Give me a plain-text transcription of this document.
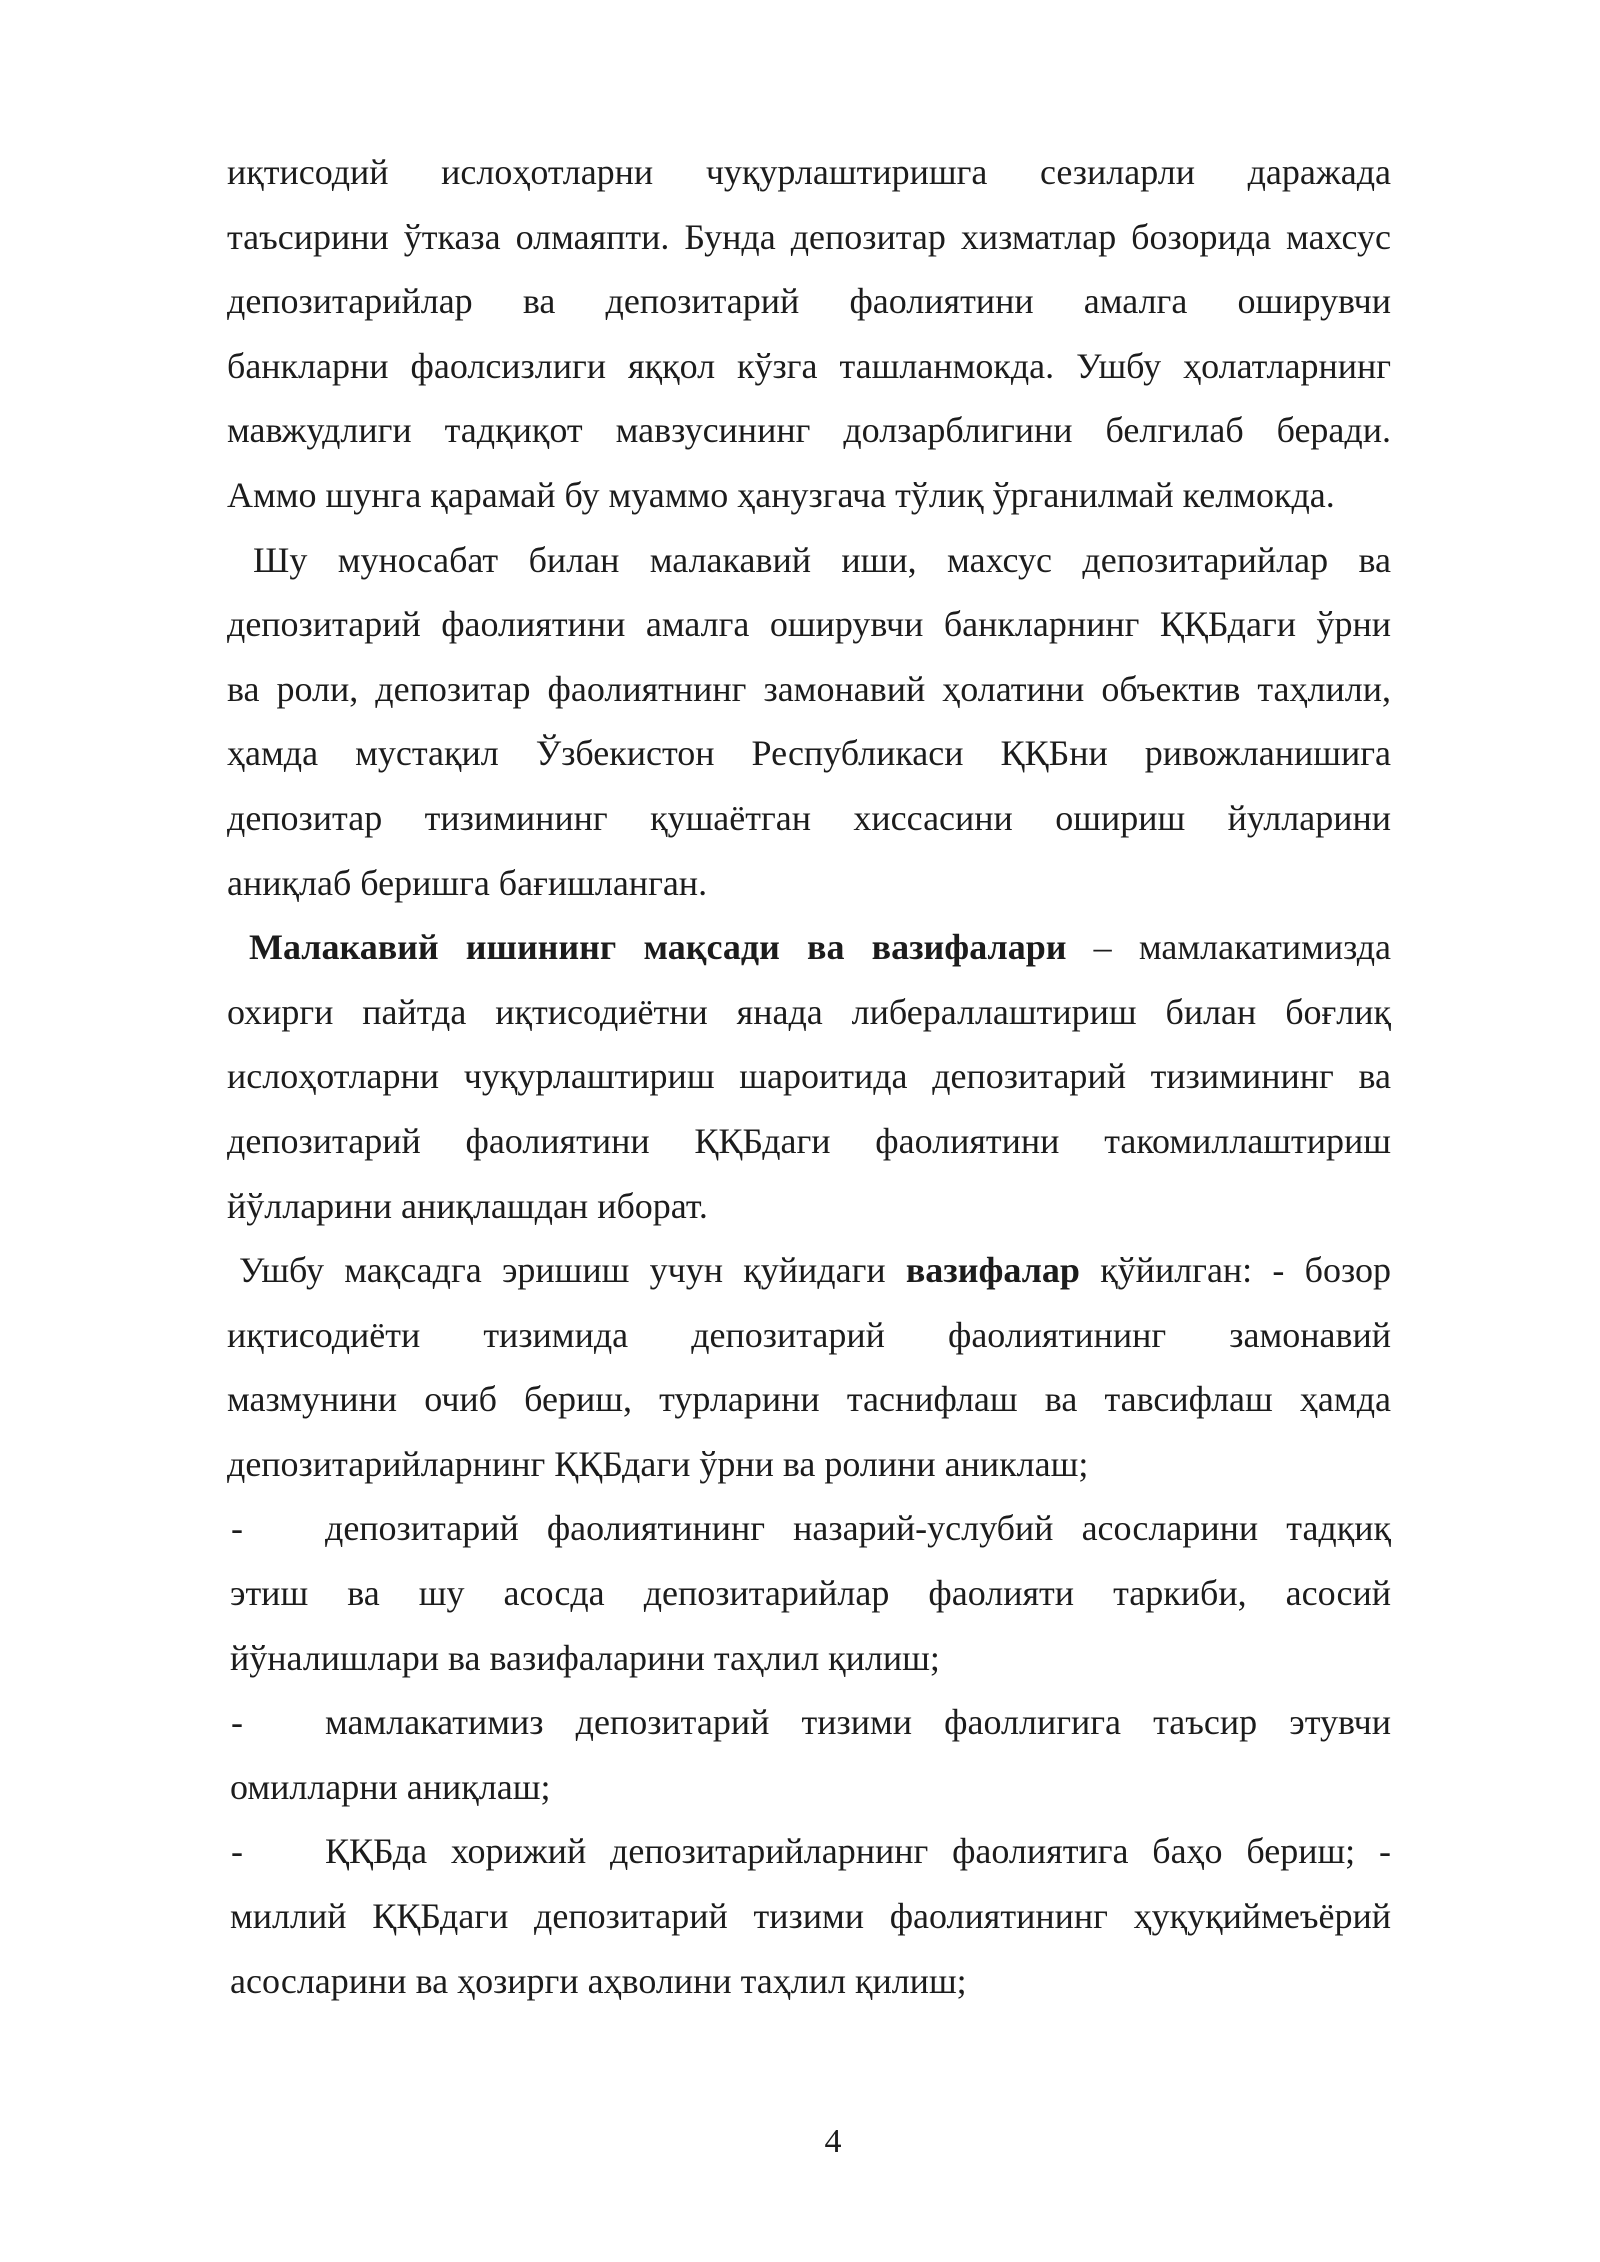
иқтисодий ислоҳотларни чуқурлаштиришга сезиларли даражада
таъсирини ўтказа олмаяпти. Бунда депозитар хизматлар бозорида махсус
депозитарийлар ва депозитарий фаолиятини амалга оширувчи
банкларни фаолсизлиги яққол кўзга ташланмокда. Ушбу ҳолатларнинг
мавжудлиги тадқиқот мавзусининг долзарблигини белгилаб беради.
Аммо шунга қарамай бу муаммо ҳанузгача тўлиқ ўрганилмай келмокда.
Шу муносабат билан малакавий иши, махсус депозитарийлар ва
депозитарий фаолиятини амалга оширувчи банкларнинг ҚҚБдаги ўрни
ва роли, депозитар фаолиятнинг замонавий ҳолатини объектив таҳлили,
ҳамда мустақил Ўзбекистон Республикаси ҚҚБни ривожланишига
депозитар тизимининг қушаётган хиссасини ошириш йулларини
аниқлаб беришга бағишланган.
Малакавий ишининг мақсади ва вазифалари – мамлакатимизда
охирги пайтда иқтисодиётни янада либераллаштириш билан боғлиқ
ислоҳотларни чуқурлаштириш шароитида депозитарий тизимининг ва
депозитарий фаолиятини ҚҚБдаги фаолиятини такомиллаштириш
йўлларини аниқлашдан иборат.
Ушбу мақсадга эришиш учун қуйидаги вазифалар қўйилган: - бозор
иқтисодиёти тизимида депозитарий фаолиятининг замонавий
мазмунини очиб бериш, турларини таснифлаш ва тавсифлаш ҳамда
депозитарийларнинг ҚҚБдаги ўрни ва ролини аниклаш;
- депозитарий фаолиятининг назарий-услубий асосларини тадқиқ
этиш ва шу асосда депозитарийлар фаолияти таркиби, асосий
йўналишлари ва вазифаларини таҳлил қилиш;
- мамлакатимиз депозитарий тизими фаоллигига таъсир этувчи
омилларни аниқлаш;
- ҚҚБда хорижий депозитарийларнинг фаолиятига баҳо бериш; -
миллий ҚҚБдаги депозитарий тизими фаолиятининг ҳуқуқиймеъёрий
асосларини ва ҳозирги аҳволини таҳлил қилиш;
4
